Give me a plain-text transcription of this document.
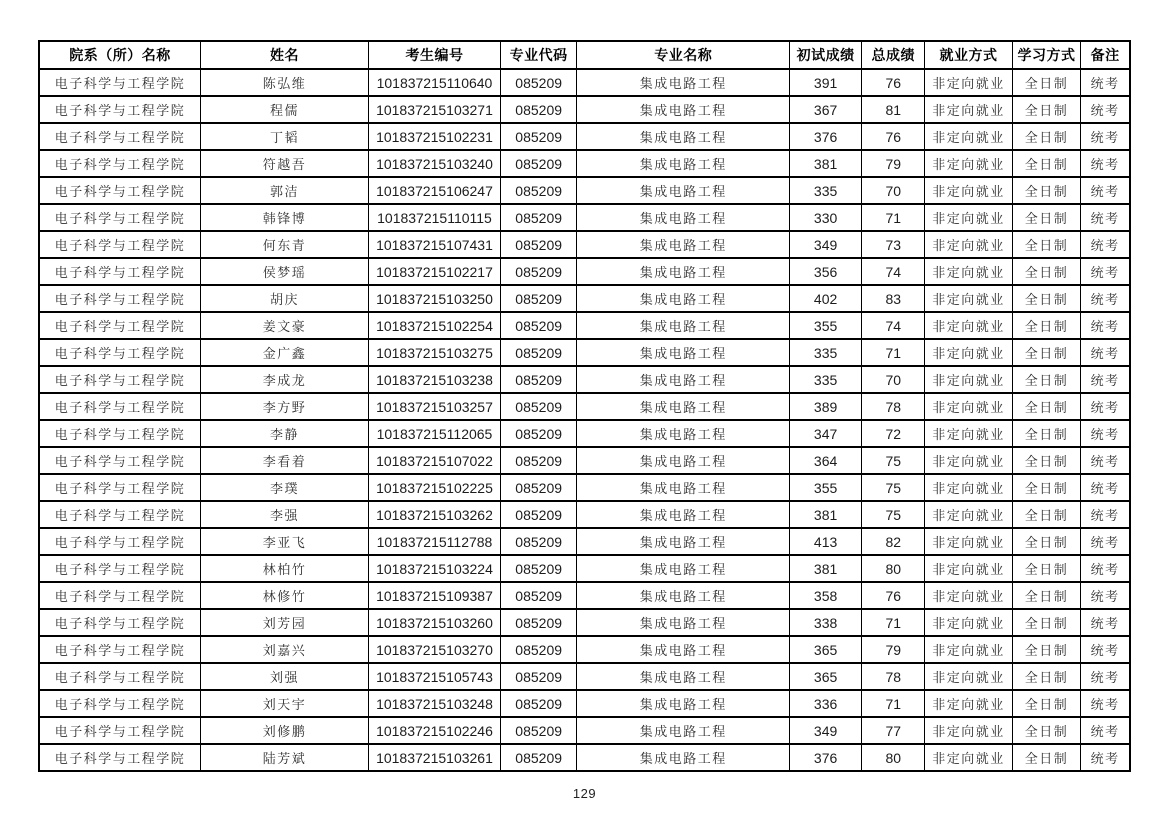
院系（所）名称	姓名	考生编号	专业代码	专业名称	初试成绩	总成绩	就业方式	学习方式	备注
电子科学与工程学院	陈弘维	101837215110640	085209	集成电路工程	391	76	非定向就业	全日制	统考
电子科学与工程学院	程儒	101837215103271	085209	集成电路工程	367	81	非定向就业	全日制	统考
电子科学与工程学院	丁韬	101837215102231	085209	集成电路工程	376	76	非定向就业	全日制	统考
电子科学与工程学院	符越吾	101837215103240	085209	集成电路工程	381	79	非定向就业	全日制	统考
电子科学与工程学院	郭洁	101837215106247	085209	集成电路工程	335	70	非定向就业	全日制	统考
电子科学与工程学院	韩锋博	101837215110115	085209	集成电路工程	330	71	非定向就业	全日制	统考
电子科学与工程学院	何东青	101837215107431	085209	集成电路工程	349	73	非定向就业	全日制	统考
电子科学与工程学院	侯梦瑶	101837215102217	085209	集成电路工程	356	74	非定向就业	全日制	统考
电子科学与工程学院	胡庆	101837215103250	085209	集成电路工程	402	83	非定向就业	全日制	统考
电子科学与工程学院	姜文豪	101837215102254	085209	集成电路工程	355	74	非定向就业	全日制	统考
电子科学与工程学院	金广鑫	101837215103275	085209	集成电路工程	335	71	非定向就业	全日制	统考
电子科学与工程学院	李成龙	101837215103238	085209	集成电路工程	335	70	非定向就业	全日制	统考
电子科学与工程学院	李方野	101837215103257	085209	集成电路工程	389	78	非定向就业	全日制	统考
电子科学与工程学院	李静	101837215112065	085209	集成电路工程	347	72	非定向就业	全日制	统考
电子科学与工程学院	李看着	101837215107022	085209	集成电路工程	364	75	非定向就业	全日制	统考
电子科学与工程学院	李璞	101837215102225	085209	集成电路工程	355	75	非定向就业	全日制	统考
电子科学与工程学院	李强	101837215103262	085209	集成电路工程	381	75	非定向就业	全日制	统考
电子科学与工程学院	李亚飞	101837215112788	085209	集成电路工程	413	82	非定向就业	全日制	统考
电子科学与工程学院	林柏竹	101837215103224	085209	集成电路工程	381	80	非定向就业	全日制	统考
电子科学与工程学院	林修竹	101837215109387	085209	集成电路工程	358	76	非定向就业	全日制	统考
电子科学与工程学院	刘芳园	101837215103260	085209	集成电路工程	338	71	非定向就业	全日制	统考
电子科学与工程学院	刘嘉兴	101837215103270	085209	集成电路工程	365	79	非定向就业	全日制	统考
电子科学与工程学院	刘强	101837215105743	085209	集成电路工程	365	78	非定向就业	全日制	统考
电子科学与工程学院	刘天宇	101837215103248	085209	集成电路工程	336	71	非定向就业	全日制	统考
电子科学与工程学院	刘修鹏	101837215102246	085209	集成电路工程	349	77	非定向就业	全日制	统考
电子科学与工程学院	陆芳斌	101837215103261	085209	集成电路工程	376	80	非定向就业	全日制	统考
129
